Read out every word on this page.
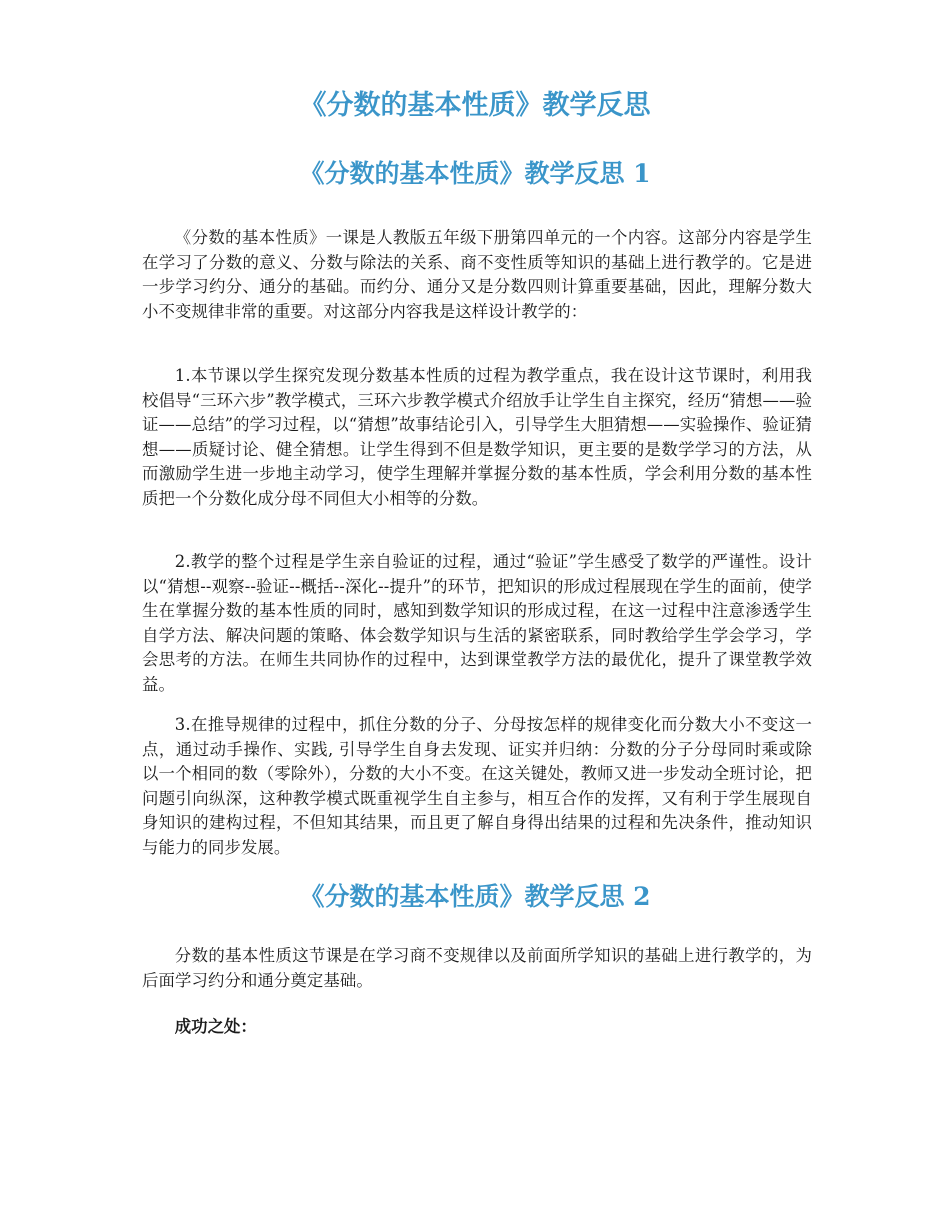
《分数的基本性质》教学反思
《分数的基本性质》教学反思 1

《分数的基本性质》一课是人教版五年级下册第四单元的一个内容。这部分内容是学生在学习了分数的意义、分数与除法的关系、商不变性质等知识的基础上进行教学的。它是进一步学习约分、通分的基础。而约分、通分又是分数四则计算重要基础，因此，理解分数大小不变规律非常的重要。对这部分内容我是这样设计教学的：

1.本节课以学生探究发现分数基本性质的过程为教学重点，我在设计这节课时，利用我校倡导“三环六步”教学模式，三环六步教学模式介绍放手让学生自主探究，经历“猜想——验证——总结”的学习过程，以“猜想”故事结论引入，引导学生大胆猜想——实验操作、验证猜想——质疑讨论、健全猜想。让学生得到不但是数学知识，更主要的是数学学习的方法，从而激励学生进一步地主动学习，使学生理解并掌握分数的基本性质，学会利用分数的基本性质把一个分数化成分母不同但大小相等的分数。

2.教学的整个过程是学生亲自验证的过程，通过“验证”学生感受了数学的严谨性。设计以“猜想--观察--验证--概括--深化--提升”的环节，把知识的形成过程展现在学生的面前，使学生在掌握分数的基本性质的同时，感知到数学知识的形成过程，在这一过程中注意渗透学生自学方法、解决问题的策略、体会数学知识与生活的紧密联系，同时教给学生学会学习，学会思考的方法。在师生共同协作的过程中，达到课堂教学方法的最优化，提升了课堂教学效益。

3.在推导规律的过程中，抓住分数的分子、分母按怎样的规律变化而分数大小不变这一点，通过动手操作、实践, 引导学生自身去发现、证实并归纳：分数的分子分母同时乘或除以一个相同的数（零除外），分数的大小不变。在这关键处，教师又进一步发动全班讨论，把问题引向纵深，这种教学模式既重视学生自主参与，相互合作的发挥，又有利于学生展现自身知识的建构过程，不但知其结果，而且更了解自身得出结果的过程和先决条件，推动知识与能力的同步发展。

《分数的基本性质》教学反思 2

分数的基本性质这节课是在学习商不变规律以及前面所学知识的基础上进行教学的，为后面学习约分和通分奠定基础。

成功之处：
